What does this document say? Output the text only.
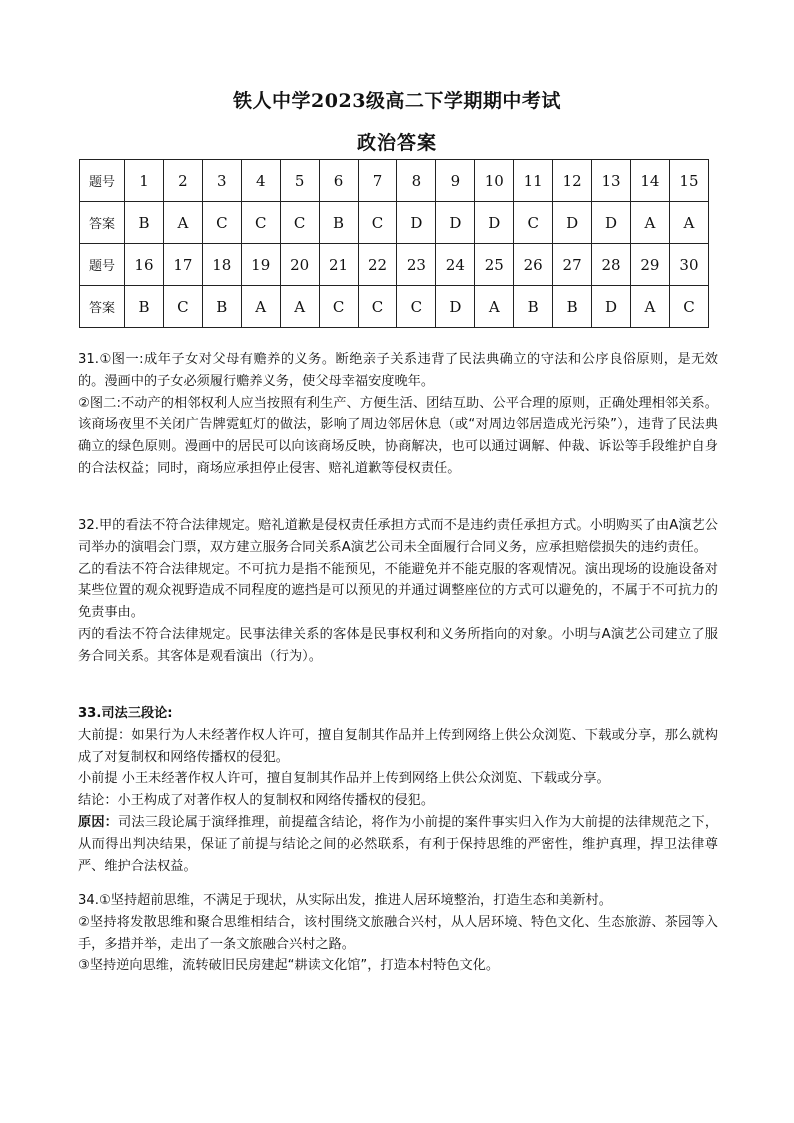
铁人中学2023级高二下学期期中考试
政治答案
题号	1	2	3	4	5	6	7	8	9	10	11	12	13	14	15
答案	B	A	C	C	C	B	C	D	D	D	C	D	D	A	A
题号	16	17	18	19	20	21	22	23	24	25	26	27	28	29	30
答案	B	C	B	A	A	C	C	C	D	A	B	B	D	A	C

31.①图一:成年子女对父母有赡养的义务。断绝亲子关系违背了民法典确立的守法和公序良俗原则，是无效的。漫画中的子女必须履行赡养义务，使父母幸福安度晚年。

②图二:不动产的相邻权利人应当按照有利生产、方便生活、团结互助、公平合理的原则，正确处理相邻关系。该商场夜里不关闭广告牌霓虹灯的做法，影响了周边邻居休息（或“对周边邻居造成光污染”），违背了民法典确立的绿色原则。漫画中的居民可以向该商场反映，协商解决，也可以通过调解、仲裁、诉讼等手段维护自身的合法权益；同时，商场应承担停止侵害、赔礼道歉等侵权责任。

32.甲的看法不符合法律规定。赔礼道歉是侵权责任承担方式而不是违约责任承担方式。小明购买了由A演艺公司举办的演唱会门票，双方建立服务合同关系A演艺公司未全面履行合同义务，应承担赔偿损失的违约责任。

乙的看法不符合法律规定。不可抗力是指不能预见，不能避免并不能克服的客观情况。演出现场的设施设备对某些位置的观众视野造成不同程度的遮挡是可以预见的并通过调整座位的方式可以避免的，不属于不可抗力的免责事由。

丙的看法不符合法律规定。民事法律关系的客体是民事权利和义务所指向的对象。小明与A演艺公司建立了服务合同关系。其客体是观看演出（行为）。

33.司法三段论:

大前提：如果行为人未经著作权人许可，擅自复制其作品并上传到网络上供公众浏览、下载或分享，那么就构成了对复制权和网络传播权的侵犯。

小前提 小王未经著作权人许可，擅自复制其作品并上传到网络上供公众浏览、下载或分享。

结论：小王构成了对著作权人的复制权和网络传播权的侵犯。

原因：司法三段论属于演绎推理，前提蕴含结论，将作为小前提的案件事实归入作为大前提的法律规范之下，从而得出判决结果，保证了前提与结论之间的必然联系，有利于保持思维的严密性，维护真理，捍卫法律尊严、维护合法权益。

34.①坚持超前思维，不满足于现状，从实际出发，推进人居环境整治，打造生态和美新村。

②坚持将发散思维和聚合思维相结合，该村围绕文旅融合兴村，从人居环境、特色文化、生态旅游、茶园等入手，多措并举，走出了一条文旅融合兴村之路。

③坚持逆向思维，流转破旧民房建起“耕读文化馆”，打造本村特色文化。
